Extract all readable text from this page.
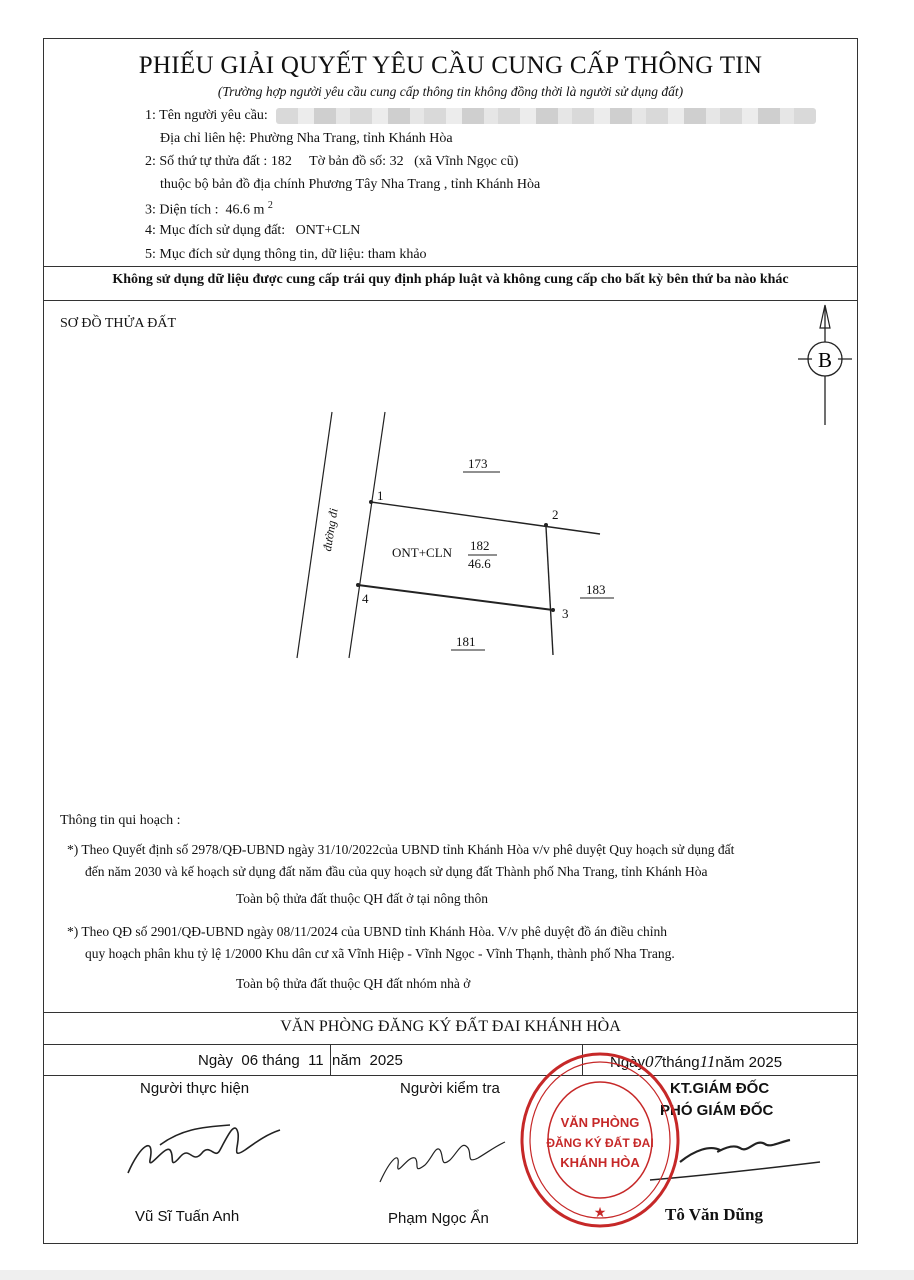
PHIẾU GIẢI QUYẾT YÊU CẦU CUNG CẤP THÔNG TIN
(Trường hợp người yêu cầu cung cấp thông tin không đồng thời là người sử dụng đất)
1: Tên người yêu cầu:
Địa chỉ liên hệ: Phường Nha Trang, tỉnh Khánh Hòa
2: Số thứ tự thửa đất : 182     Tờ bản đồ số: 32   (xã Vĩnh Ngọc cũ)
thuộc bộ bản đồ địa chính Phương Tây Nha Trang , tỉnh Khánh Hòa
3: Diện tích :  46.6 m $^2$
4: Mục đích sử dụng đất:   ONT+CLN
5: Mục đích sử dụng thông tin, dữ liệu: tham khảo
Không sử dụng dữ liệu được cung cấp trái quy định pháp luật và không cung cấp cho bất kỳ bên thứ ba nào khác
SƠ ĐỒ THỬA ĐẤT
B
1
2
3
4
173
183
181
ONT+CLN 182
46.6
đường đi
Thông tin qui hoạch :
*) Theo Quyết định số 2978/QĐ-UBND ngày 31/10/2022của UBND tỉnh Khánh Hòa v/v phê duyệt Quy hoạch sử dụng đất
đến năm 2030 và kế hoạch sử dụng đất năm đầu của quy hoạch sử dụng đất Thành phố Nha Trang, tỉnh Khánh Hòa
Toàn bộ thửa đất thuộc QH đất ở tại nông thôn
*) Theo QĐ số 2901/QĐ-UBND ngày 08/11/2024 của UBND tỉnh Khánh Hòa. V/v phê duyệt đồ án điều chỉnh
quy hoạch phân khu tỷ lệ 1/2000 Khu dân cư xã Vĩnh Hiệp - Vĩnh Ngọc - Vĩnh Thạnh, thành phố Nha Trang.
Toàn bộ thửa đất thuộc QH đất nhóm nhà ở
VĂN PHÒNG ĐĂNG KÝ ĐẤT ĐAI KHÁNH HÒA
Ngày  06 tháng  11  năm  2025	Ngày07tháng11năm 2025
Người thực hiện	Người kiểm tra	KT.GIÁM ĐỐC
PHÓ GIÁM ĐỐC
VĂN PHÒNG
ĐĂNG KÝ ĐẤT ĐAI
KHÁNH HÒA
★
Vũ Sĩ Tuấn Anh	Phạm Ngọc Ẩn	Tô Văn Dũng
